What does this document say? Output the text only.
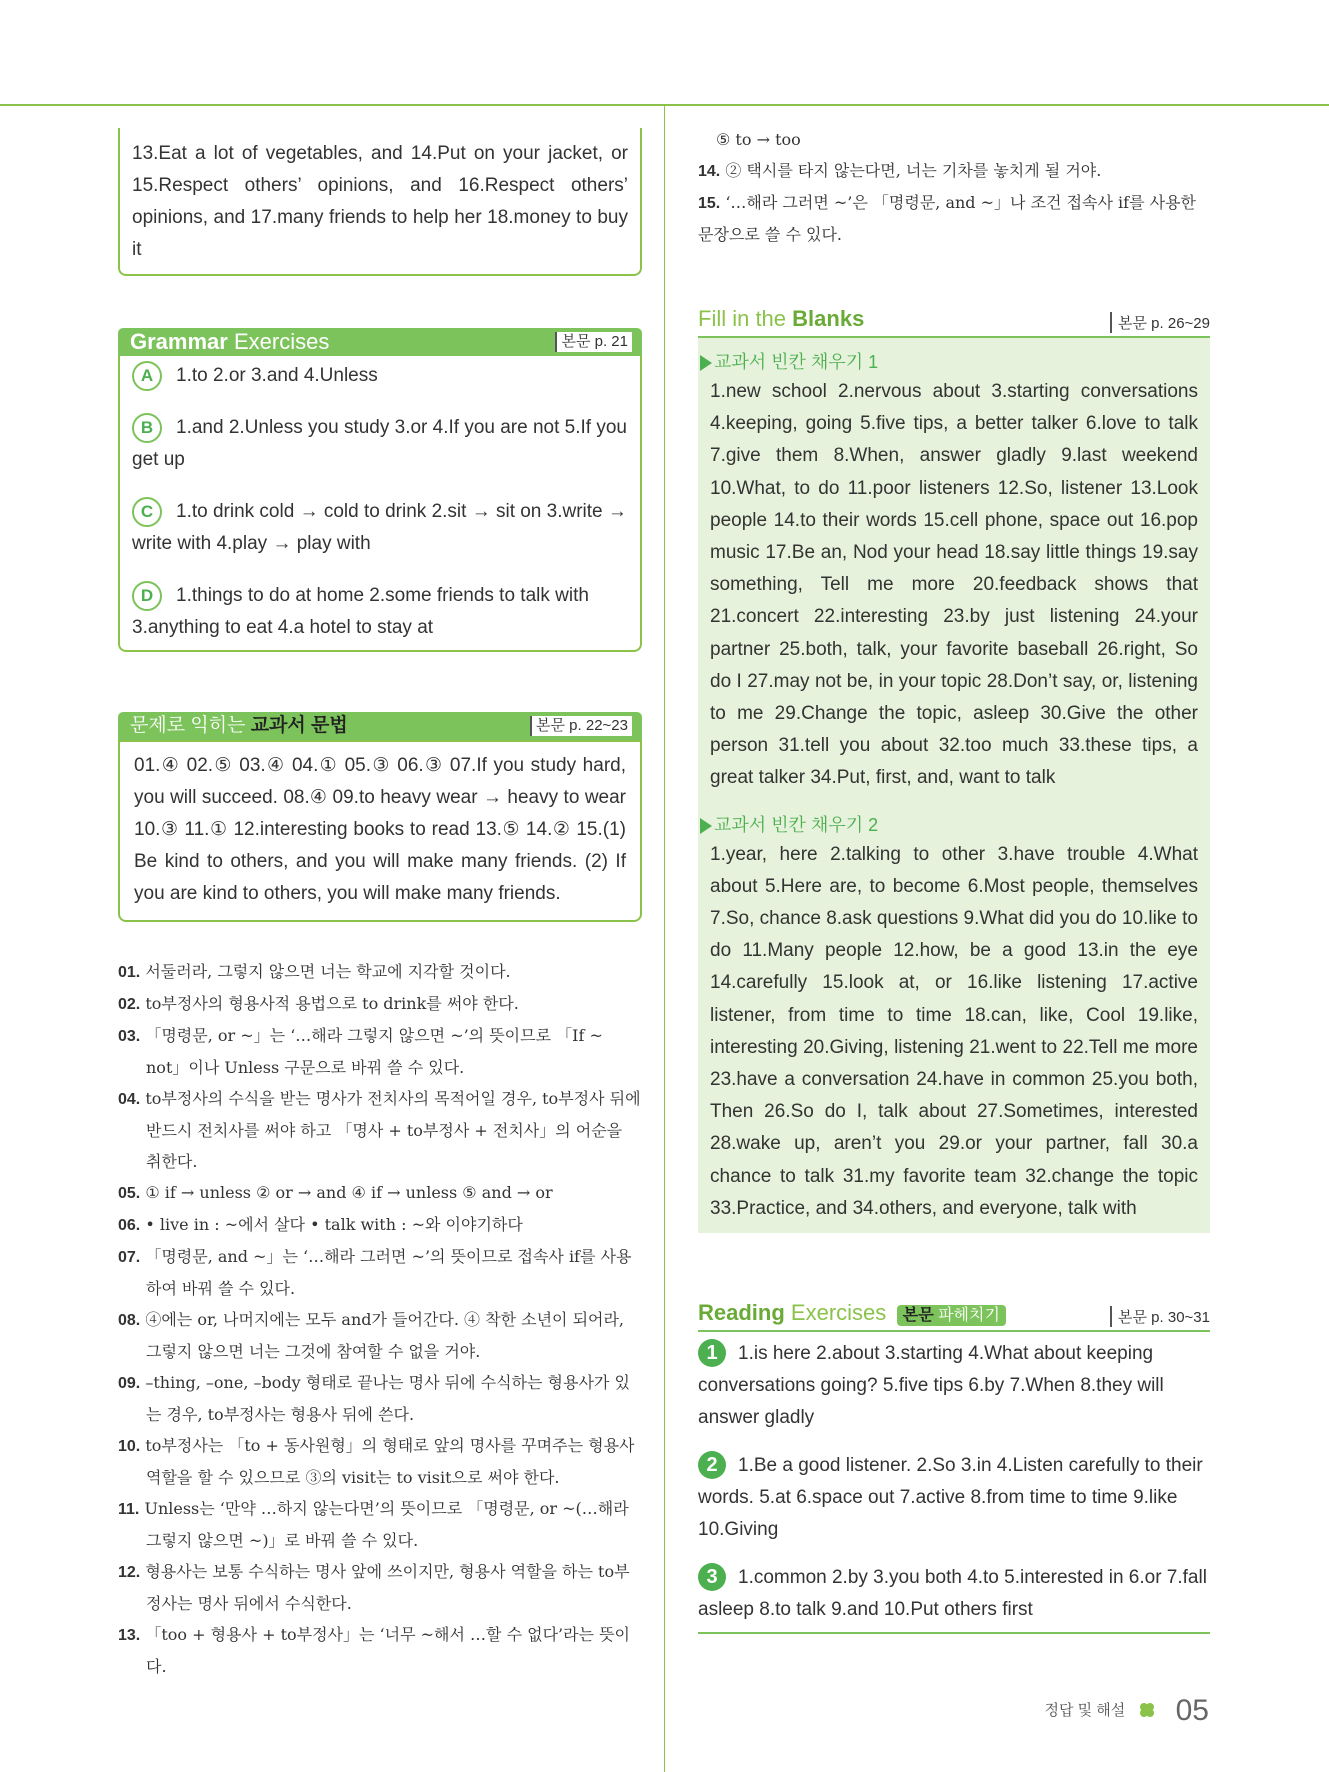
13.Eat a lot of vegetables, and 14.Put on your jacket, or 15.Respect others’ opinions, and 16.Respect others’ opinions, and 17.many friends to help her 18.money to buy it

Grammar Exercises	본문 p. 21

A 1.to 2.or 3.and 4.Unless

B 1.and 2.Unless you study 3.or 4.If you are not 5.If you get up

C 1.to drink cold → cold to drink 2.sit → sit on 3.write → write with 4.play → play with

D 1.things to do at home 2.some friends to talk with 3.anything to eat 4.a hotel to stay at

문제로 익히는 교과서 문법	본문 p. 22~23

01.④ 02.⑤ 03.④ 04.① 05.③ 06.③ 07.If you study hard, you will succeed. 08.④ 09.to heavy wear → heavy to wear 10.③ 11.① 12.interesting books to read 13.⑤ 14.② 15.(1) Be kind to others, and you will make many friends. (2) If you are kind to others, you will make many friends.

01. 서둘러라, 그렇지 않으면 너는 학교에 지각할 것이다.

02. to부정사의 형용사적 용법으로 to drink를 써야 한다.

03. 「명령문, or ~」는 ‘…해라 그렇지 않으면 ~’의 뜻이므로 「If ~ not」이나 Unless 구문으로 바꿔 쓸 수 있다.

04. to부정사의 수식을 받는 명사가 전치사의 목적어일 경우, to부정사 뒤에 반드시 전치사를 써야 하고 「명사 + to부정사 + 전치사」의 어순을 취한다.

05. ① if → unless ② or → and ④ if → unless ⑤ and → or

06. • live in : ~에서 살다 • talk with : ~와 이야기하다

07. 「명령문, and ~」는 ‘…해라 그러면 ~’의 뜻이므로 접속사 if를 사용하여 바꿔 쓸 수 있다.

08. ④에는 or, 나머지에는 모두 and가 들어간다. ④ 착한 소년이 되어라, 그렇지 않으면 너는 그것에 참여할 수 없을 거야.

09. –thing, –one, –body 형태로 끝나는 명사 뒤에 수식하는 형용사가 있는 경우, to부정사는 형용사 뒤에 쓴다.

10. to부정사는 「to + 동사원형」의 형태로 앞의 명사를 꾸며주는 형용사 역할을 할 수 있으므로 ③의 visit는 to visit으로 써야 한다.

11. Unless는 ‘만약 …하지 않는다면’의 뜻이므로 「명령문, or ~(…해라 그렇지 않으면 ~)」로 바꿔 쓸 수 있다.

12. 형용사는 보통 수식하는 명사 앞에 쓰이지만, 형용사 역할을 하는 to부정사는 명사 뒤에서 수식한다.

13. 「too + 형용사 + to부정사」는 ‘너무 ~해서 …할 수 없다’라는 뜻이다.

⑤ to → too

14. ② 택시를 타지 않는다면, 너는 기차를 놓치게 될 거야.

15. ‘…해라 그러면 ~’은 「명령문, and ~」나 조건 접속사 if를 사용한 문장으로 쓸 수 있다.

Fill in the Blanks	본문 p. 26~29
교과서 빈칸 채우기 1

1.new school 2.nervous about 3.starting conversations 4.keeping, going 5.five tips, a better talker 6.love to talk 7.give them 8.When, answer gladly 9.last weekend 10.What, to do 11.poor listeners 12.So, listener 13.Look people 14.to their words 15.cell phone, space out 16.pop music 17.Be an, Nod your head 18.say little things 19.say something, Tell me more 20.feedback shows that 21.concert 22.interesting 23.by just listening 24.your partner 25.both, talk, your favorite baseball 26.right, So do I 27.may not be, in your topic 28.Don’t say, or, listening to me 29.Change the topic, asleep 30.Give the other person 31.tell you about 32.too much 33.these tips, a great talker 34.Put, first, and, want to talk

교과서 빈칸 채우기 2

1.year, here 2.talking to other 3.have trouble 4.What about 5.Here are, to become 6.Most people, themselves 7.So, chance 8.ask questions 9.What did you do 10.like to do 11.Many people 12.how, be a good 13.in the eye 14.carefully 15.look at, or 16.like listening 17.active listener, from time to time 18.can, like, Cool 19.like, interesting 20.Giving, listening 21.went to 22.Tell me more 23.have a conversation 24.have in common 25.you both, Then 26.So do I, talk about 27.Sometimes, interested 28.wake up, aren’t you 29.or your partner, fall 30.a chance to talk 31.my favorite team 32.change the topic 33.Practice, and 34.others, and everyone, talk with

Reading Exercises 본문 파헤치기	본문 p. 30~31

1 1.is here 2.about 3.starting 4.What about keeping conversations going? 5.five tips 6.by 7.When 8.they will answer gladly

2 1.Be a good listener. 2.So 3.in 4.Listen carefully to their words. 5.at 6.space out 7.active 8.from time to time 9.like 10.Giving

3 1.common 2.by 3.you both 4.to 5.interested in 6.or 7.fall asleep 8.to talk 9.and 10.Put others first

정답 및 해설 05
